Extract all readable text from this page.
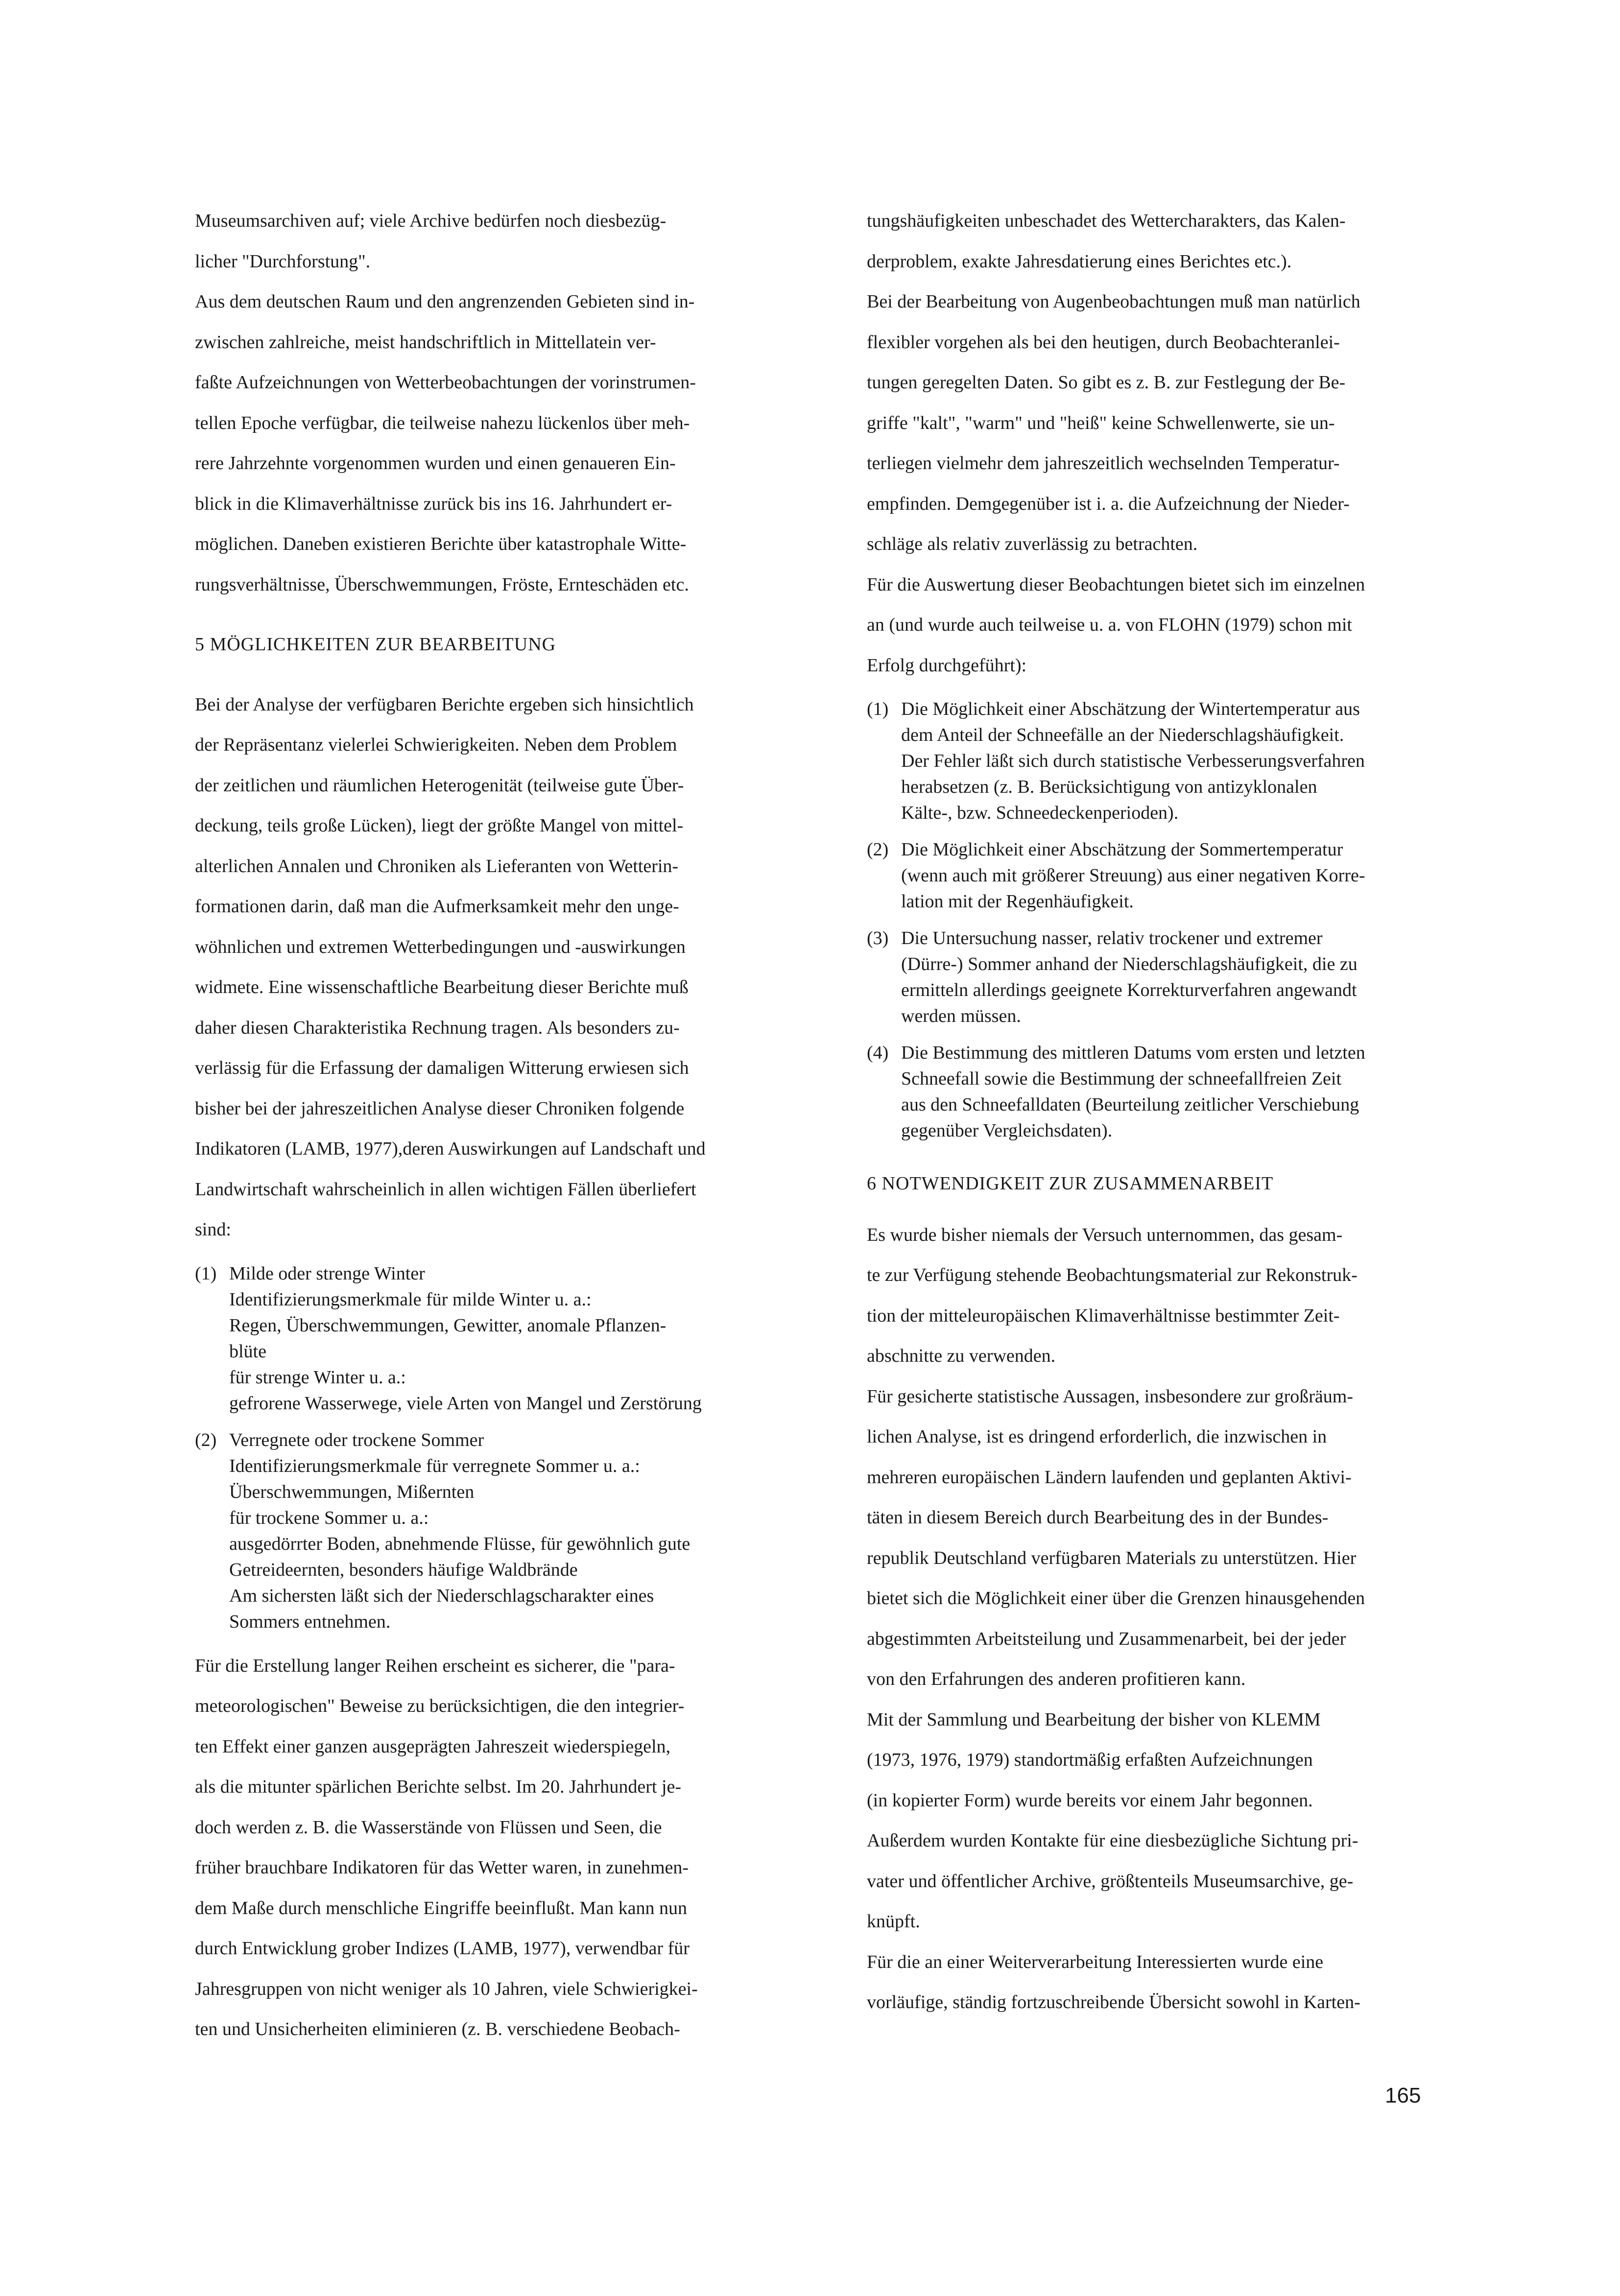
Museumsarchiven auf; viele Archive bedürfen noch diesbezüg-
licher "Durchforstung".

Aus dem deutschen Raum und den angrenzenden Gebieten sind in-
zwischen zahlreiche, meist handschriftlich in Mittellatein ver-
faßte Aufzeichnungen von Wetterbeobachtungen der vorinstrumen-
tellen Epoche verfügbar, die teilweise nahezu lückenlos über meh-
rere Jahrzehnte vorgenommen wurden und einen genaueren Ein-
blick in die Klimaverhältnisse zurück bis ins 16. Jahrhundert er-
möglichen. Daneben existieren Berichte über katastrophale Witte-
rungsverhältnisse, Überschwemmungen, Fröste, Ernteschäden etc.

5 MÖGLICHKEITEN ZUR BEARBEITUNG

Bei der Analyse der verfügbaren Berichte ergeben sich hinsichtlich
der Repräsentanz vielerlei Schwierigkeiten. Neben dem Problem
der zeitlichen und räumlichen Heterogenität (teilweise gute Über-
deckung, teils große Lücken), liegt der größte Mangel von mittel-
alterlichen Annalen und Chroniken als Lieferanten von Wetterin-
formationen darin, daß man die Aufmerksamkeit mehr den unge-
wöhnlichen und extremen Wetterbedingungen und -auswirkungen
widmete. Eine wissenschaftliche Bearbeitung dieser Berichte muß
daher diesen Charakteristika Rechnung tragen. Als besonders zu-
verlässig für die Erfassung der damaligen Witterung erwiesen sich
bisher bei der jahreszeitlichen Analyse dieser Chroniken folgende
Indikatoren (LAMB, 1977),deren Auswirkungen auf Landschaft und
Landwirtschaft wahrscheinlich in allen wichtigen Fällen überliefert
sind:

(1) Milde oder strenge Winter
Identifizierungsmerkmale für milde Winter u. a.:
Regen, Überschwemmungen, Gewitter, anomale Pflanzen-
blüte
für strenge Winter u. a.:
gefrorene Wasserwege, viele Arten von Mangel und Zerstörung
(2) Verregnete oder trockene Sommer
Identifizierungsmerkmale für verregnete Sommer u. a.:
Überschwemmungen, Mißernten
für trockene Sommer u. a.:
ausgedörrter Boden, abnehmende Flüsse, für gewöhnlich gute
Getreideernten, besonders häufige Waldbrände
Am sichersten läßt sich der Niederschlagscharakter eines
Sommers entnehmen.

Für die Erstellung langer Reihen erscheint es sicherer, die "para-
meteorologischen" Beweise zu berücksichtigen, die den integrier-
ten Effekt einer ganzen ausgeprägten Jahreszeit wiederspiegeln,
als die mitunter spärlichen Berichte selbst. Im 20. Jahrhundert je-
doch werden z. B. die Wasserstände von Flüssen und Seen, die
früher brauchbare Indikatoren für das Wetter waren, in zunehmen-
dem Maße durch menschliche Eingriffe beeinflußt. Man kann nun
durch Entwicklung grober Indizes (LAMB, 1977), verwendbar für
Jahresgruppen von nicht weniger als 10 Jahren, viele Schwierigkei-
ten und Unsicherheiten eliminieren (z. B. verschiedene Beobach-

tungshäufigkeiten unbeschadet des Wettercharakters, das Kalen-
derproblem, exakte Jahresdatierung eines Berichtes etc.).

Bei der Bearbeitung von Augenbeobachtungen muß man natürlich
flexibler vorgehen als bei den heutigen, durch Beobachteranlei-
tungen geregelten Daten. So gibt es z. B. zur Festlegung der Be-
griffe "kalt", "warm" und "heiß" keine Schwellenwerte, sie un-
terliegen vielmehr dem jahreszeitlich wechselnden Temperatur-
empfinden. Demgegenüber ist i. a. die Aufzeichnung der Nieder-
schläge als relativ zuverlässig zu betrachten.

Für die Auswertung dieser Beobachtungen bietet sich im einzelnen
an (und wurde auch teilweise u. a. von FLOHN (1979) schon mit
Erfolg durchgeführt):

(1) Die Möglichkeit einer Abschätzung der Wintertemperatur aus
dem Anteil der Schneefälle an der Niederschlagshäufigkeit.
Der Fehler läßt sich durch statistische Verbesserungsverfahren
herabsetzen (z. B. Berücksichtigung von antizyklonalen
Kälte-, bzw. Schneedeckenperioden).
(2) Die Möglichkeit einer Abschätzung der Sommertemperatur
(wenn auch mit größerer Streuung) aus einer negativen Korre-
lation mit der Regenhäufigkeit.
(3) Die Untersuchung nasser, relativ trockener und extremer
(Dürre-) Sommer anhand der Niederschlagshäufigkeit, die zu
ermitteln allerdings geeignete Korrekturverfahren angewandt
werden müssen.
(4) Die Bestimmung des mittleren Datums vom ersten und letzten
Schneefall sowie die Bestimmung der schneefallfreien Zeit
aus den Schneefalldaten (Beurteilung zeitlicher Verschiebung
gegenüber Vergleichsdaten).

6 NOTWENDIGKEIT ZUR ZUSAMMENARBEIT

Es wurde bisher niemals der Versuch unternommen, das gesam-
te zur Verfügung stehende Beobachtungsmaterial zur Rekonstruk-
tion der mitteleuropäischen Klimaverhältnisse bestimmter Zeit-
abschnitte zu verwenden.

Für gesicherte statistische Aussagen, insbesondere zur großräum-
lichen Analyse, ist es dringend erforderlich, die inzwischen in
mehreren europäischen Ländern laufenden und geplanten Aktivi-
täten in diesem Bereich durch Bearbeitung des in der Bundes-
republik Deutschland verfügbaren Materials zu unterstützen. Hier
bietet sich die Möglichkeit einer über die Grenzen hinausgehenden
abgestimmten Arbeitsteilung und Zusammenarbeit, bei der jeder
von den Erfahrungen des anderen profitieren kann.

Mit der Sammlung und Bearbeitung der bisher von KLEMM
(1973, 1976, 1979) standortmäßig erfaßten Aufzeichnungen
(in kopierter Form) wurde bereits vor einem Jahr begonnen.

Außerdem wurden Kontakte für eine diesbezügliche Sichtung pri-
vater und öffentlicher Archive, größtenteils Museumsarchive, ge-
knüpft.

Für die an einer Weiterverarbeitung Interessierten wurde eine
vorläufige, ständig fortzuschreibende Übersicht sowohl in Karten-

165
